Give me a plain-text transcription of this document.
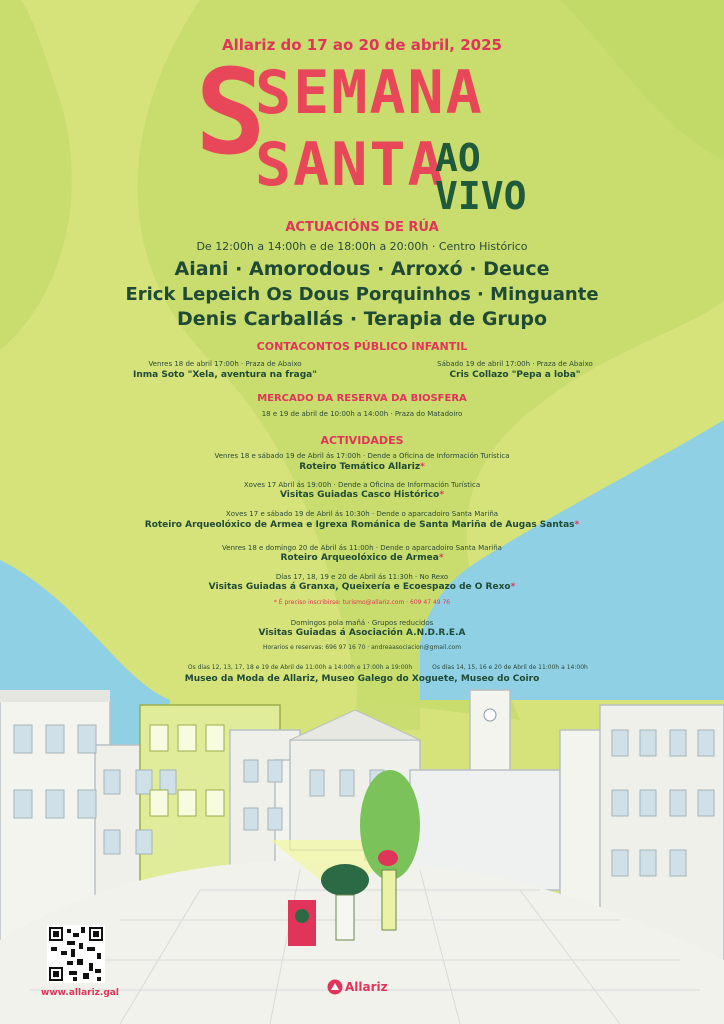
Allariz do 17 ao 20 de abril, 2025
S
SEMANA
SANTA
AO
VIVO
ACTUACIÓNS DE RÚA
De 12:00h a 14:00h e de 18:00h a 20:00h · Centro Histórico
Aiani · Amorodous · Arroxó · Deuce
Erick Lepeich Os Dous Porquinhos · Minguante
Denis Carballás · Terapia de Grupo
CONTACONTOS PÚBLICO INFANTIL
Venres 18 de abril 17:00h · Praza de Abaixo
Inma Soto "Xela, aventura na fraga"
Sábado 19 de abril 17:00h · Praza de Abaixo
Cris Collazo "Pepa a loba"
MERCADO DA RESERVA DA BIOSFERA
18 e 19 de abril de 10:00h a 14:00h · Praza do Matadoiro
ACTIVIDADES
Venres 18 e sábado 19 de Abril ás 17:00h · Dende a Oficina de Información Turística
Roteiro Temático Allariz*
Xoves 17 Abril ás 19:00h · Dende a Oficina de Información Turística
Visitas Guiadas Casco Histórico*
Xoves 17 e sábado 19 de Abril ás 10:30h · Dende o aparcadoiro Santa Mariña
Roteiro Arqueolóxico de Armea e Igrexa Románica de Santa Mariña de Augas Santas*
Venres 18 e domingo 20 de Abril ás 11:00h · Dende o aparcadoiro Santa Mariña
Roteiro Arqueolóxico de Armea*
Días 17, 18, 19 e 20 de Abril ás 11:30h · No Rexo
Visitas Guiadas á Granxa, Queixería e Ecoespazo de O Rexo*
* É preciso inscribirse: turismo@allariz.com · 609 47 49 76
Domingos pola mañá · Grupos reducidos
Visitas Guiadas á Asociación A.N.D.R.E.A
Horarios e reservas: 696 97 16 70 · andreaasociacion@gmail.com
Os días 12, 13, 17, 18 e 19 de Abril de 11:00h a 14:00h e 17:00h a 19:00h	Os días 14, 15, 16 e 20 de Abril de 11:00h a 14:00h
Museo da Moda de Allariz, Museo Galego do Xoguete, Museo do Coiro
www.allariz.gal	Allariz
